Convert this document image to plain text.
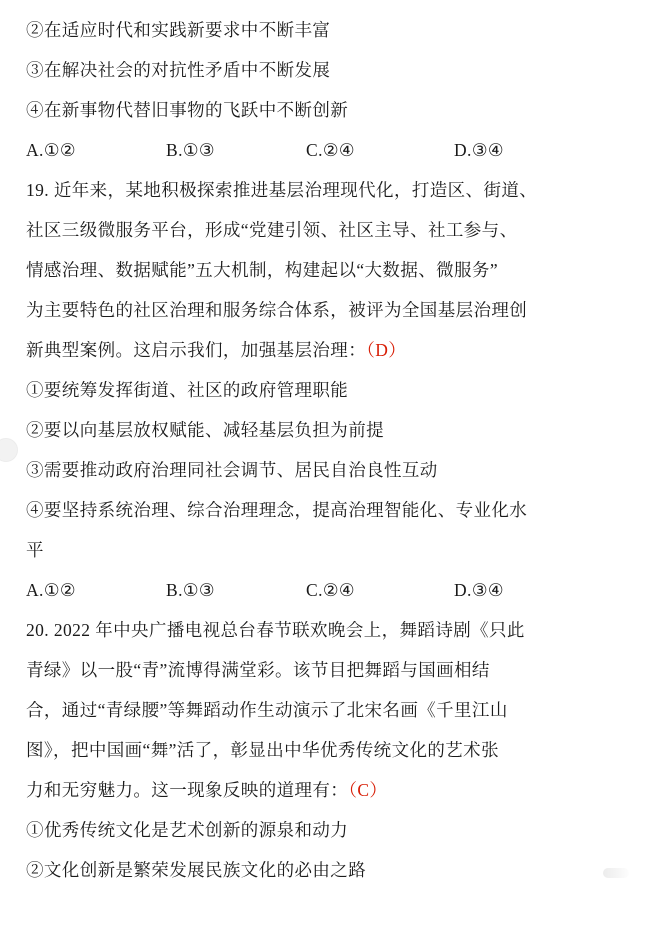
②在适应时代和实践新要求中不断丰富
③在解决社会的对抗性矛盾中不断发展
④在新事物代替旧事物的飞跃中不断创新
A.①②	B.①③	C.②④	D.③④
19. 近年来，某地积极探索推进基层治理现代化，打造区、街道、
社区三级微服务平台，形成“党建引领、社区主导、社工参与、
情感治理、数据赋能”五大机制，构建起以“大数据、微服务”
为主要特色的社区治理和服务综合体系，被评为全国基层治理创
新典型案例。这启示我们，加强基层治理：（D）
①要统筹发挥街道、社区的政府管理职能
②要以向基层放权赋能、减轻基层负担为前提
③需要推动政府治理同社会调节、居民自治良性互动
④要坚持系统治理、综合治理理念，提高治理智能化、专业化水
平
A.①②	B.①③	C.②④	D.③④
20. 2022 年中央广播电视总台春节联欢晚会上，舞蹈诗剧《只此
青绿》以一股“青”流博得满堂彩。该节目把舞蹈与国画相结
合，通过“青绿腰”等舞蹈动作生动演示了北宋名画《千里江山
图》，把中国画“舞”活了，彰显出中华优秀传统文化的艺术张
力和无穷魅力。这一现象反映的道理有：（C）
①优秀传统文化是艺术创新的源泉和动力
②文化创新是繁荣发展民族文化的必由之路
